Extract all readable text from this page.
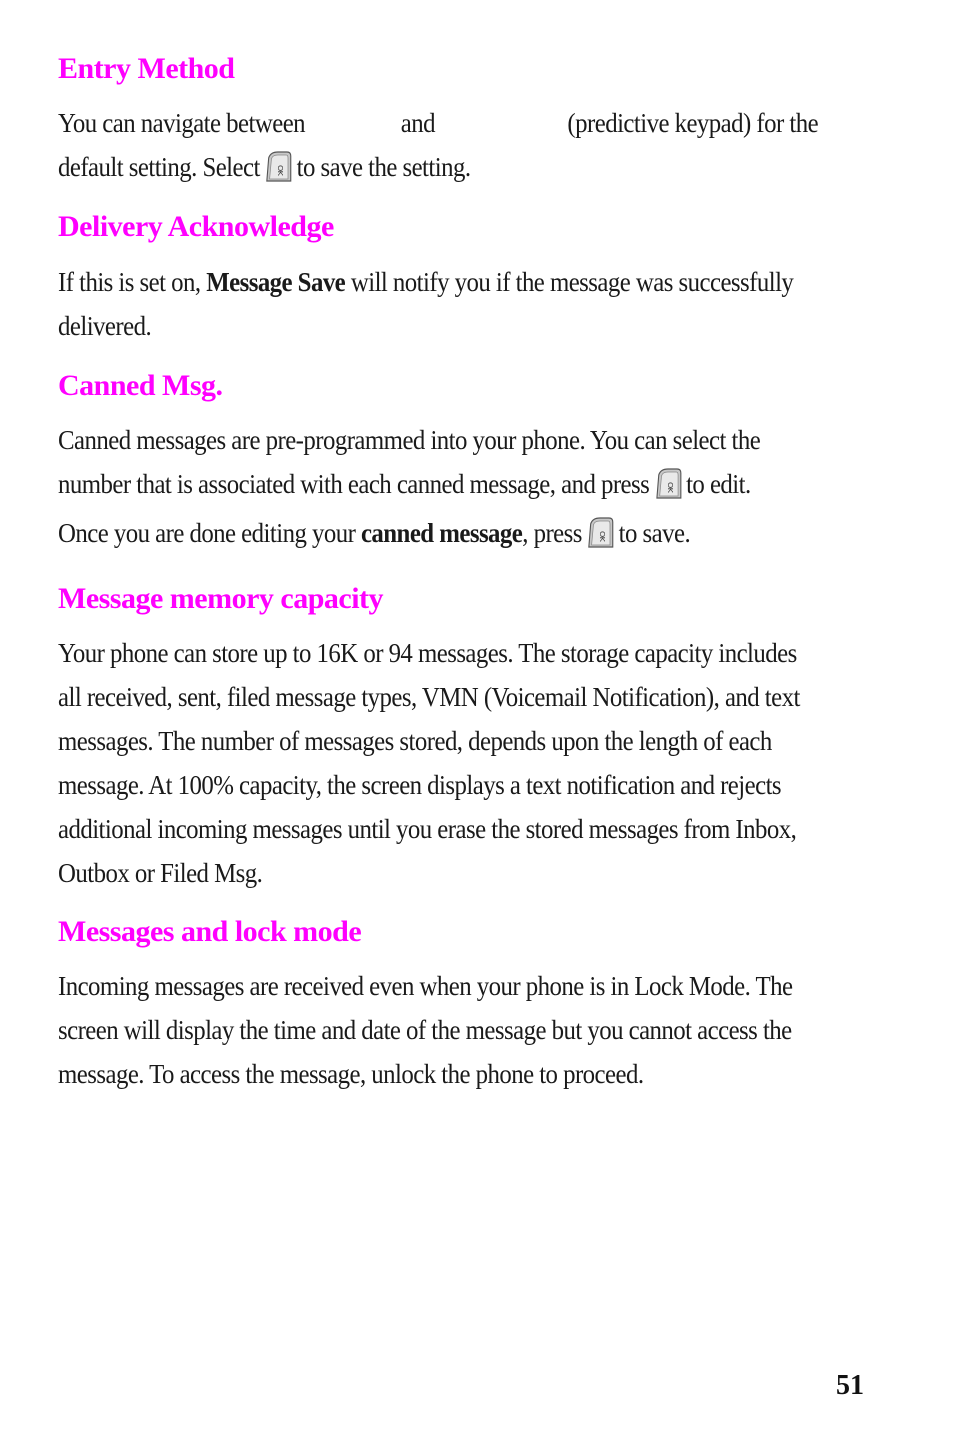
Entry Method
You can navigate between	and	(predictive keypad) for the
default setting. Select OK to save the setting.
Delivery Acknowledge
If this is set on, Message Save will notify you if the message was successfully
delivered.
Canned Msg.
Canned messages are pre-programmed into your phone. You can select the
number that is associated with each canned message, and press OK to edit.
Once you are done editing your canned message, press OK to save.
Message memory capacity
Your phone can store up to 16K or 94 messages. The storage capacity includes
all received, sent, filed message types, VMN (Voicemail Notification), and text
messages. The number of messages stored, depends upon the length of each
message. At 100% capacity, the screen displays a text notification and rejects
additional incoming messages until you erase the stored messages from Inbox,
Outbox or Filed Msg.
Messages and lock mode
Incoming messages are received even when your phone is in Lock Mode. The
screen will display the time and date of the message but you cannot access the
message. To access the message, unlock the phone to proceed.
51
